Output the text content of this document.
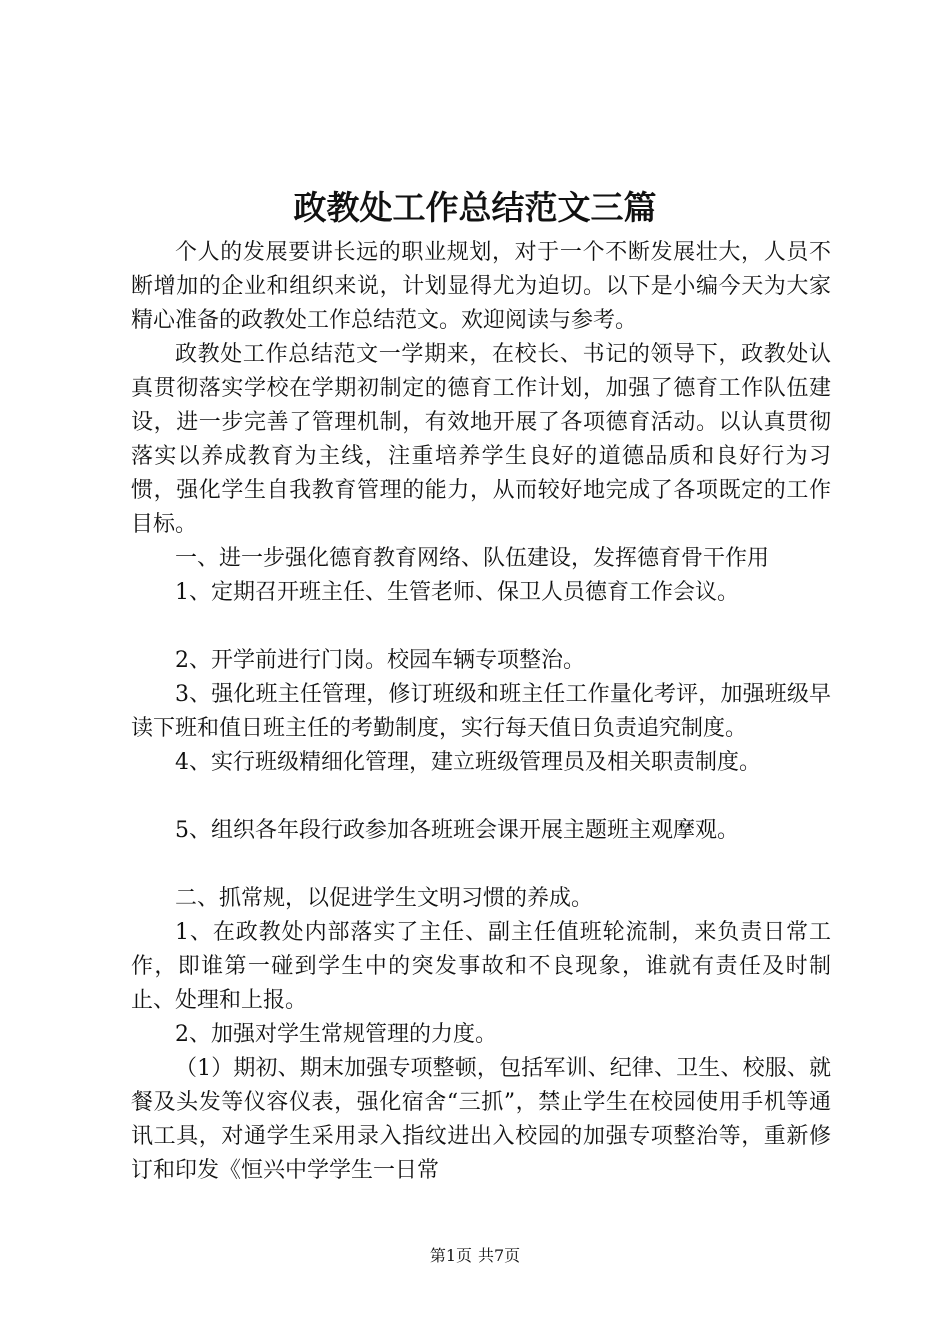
政教处工作总结范文三篇

个人的发展要讲长远的职业规划，对于一个不断发展壮大，人员不断增加的企业和组织来说，计划显得尤为迫切。以下是小编今天为大家精心准备的政教处工作总结范文。欢迎阅读与参考。

政教处工作总结范文一学期来，在校长、书记的领导下，政教处认真贯彻落实学校在学期初制定的德育工作计划，加强了德育工作队伍建设，进一步完善了管理机制，有效地开展了各项德育活动。以认真贯彻落实以养成教育为主线，注重培养学生良好的道德品质和良好行为习惯，强化学生自我教育管理的能力，从而较好地完成了各项既定的工作目标。

一、进一步强化德育教育网络、队伍建设，发挥德育骨干作用

1、定期召开班主任、生管老师、保卫人员德育工作会议。

2、开学前进行门岗。校园车辆专项整治。

3、强化班主任管理，修订班级和班主任工作量化考评，加强班级早读下班和值日班主任的考勤制度，实行每天值日负责追究制度。

4、实行班级精细化管理，建立班级管理员及相关职责制度。

5、组织各年段行政参加各班班会课开展主题班主观摩观。

二、抓常规，以促进学生文明习惯的养成。

1、在政教处内部落实了主任、副主任值班轮流制，来负责日常工作，即谁第一碰到学生中的突发事故和不良现象，谁就有责任及时制止、处理和上报。

2、加强对学生常规管理的力度。

（1）期初、期末加强专项整顿，包括军训、纪律、卫生、校服、就餐及头发等仪容仪表，强化宿舍“三抓”，禁止学生在校园使用手机等通讯工具，对通学生采用录入指纹进出入校园的加强专项整治等，重新修订和印发《恒兴中学学生一日常

第1页 共7页
